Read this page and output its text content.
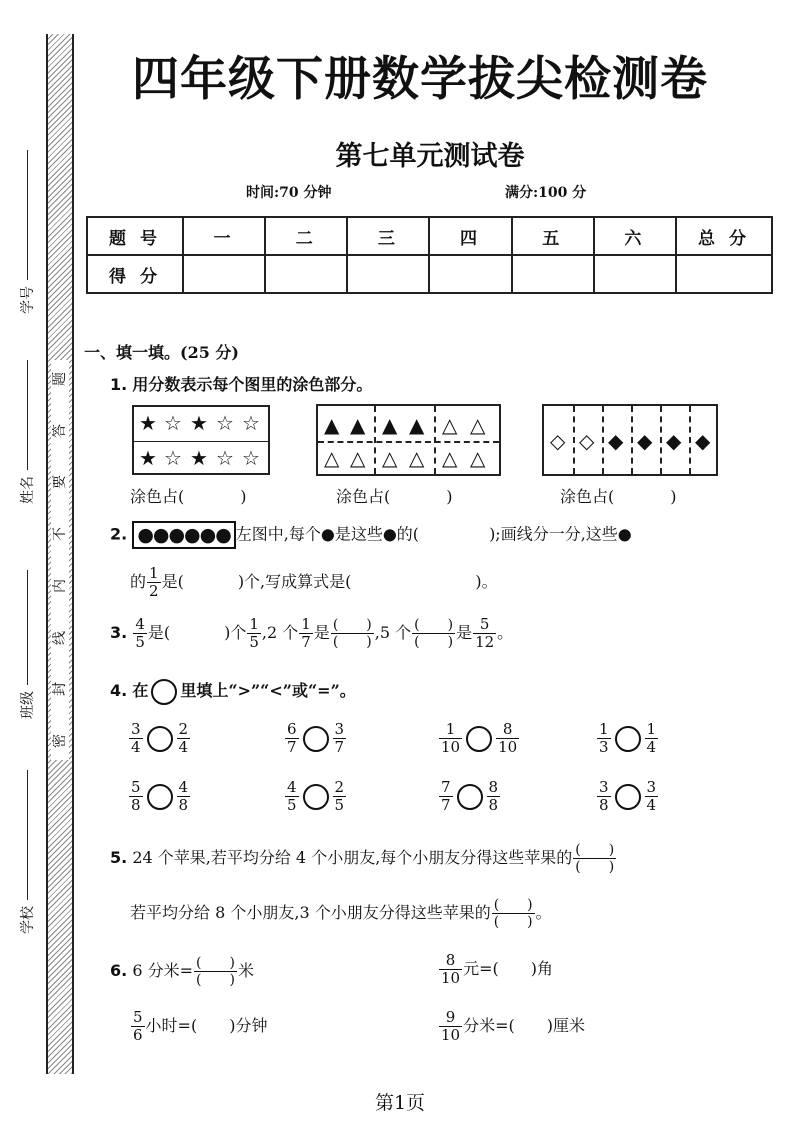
题
答
要
不
内
线
封
密
学号
姓名
班级
学校
四年级下册数学拔尖检测卷
第七单元测试卷
时间:70 分钟	满分:100 分
题 号	一	二	三	四	五	六	总 分
得 分							
一、填一填。(25 分)
1. 用分数表示每个图里的涂色部分。
★ ☆ ★ ☆ ☆
★ ☆ ★ ☆ ☆
▲ ▲ ▲ ▲ △ △
△ △ △ △ △ △
◇ ◇ ◆ ◆ ◆ ◆
涂色占(	)	涂色占(	)	涂色占(	)
2. ●●●●●● 左图中,每个●是这些●的(	);画线分一分,这些●
的 $\frac{1}{2}$ 是(	)个,写成算式是(	)。
3. $\frac{4}{5}$ 是(	)个 $\frac{1}{5} ,2$ 个 $\frac{1}{7}$ 是 $\frac{( )}{( )} ,5$ 个 $\frac{( )}{( )}$ 是 $\frac{5}{12}$ 。
4. 在 里填上“>”“<”或“=”。
$\frac{3}{4} \frac{2}{4}$	$\frac{6}{7} \frac{3}{7}$	$\frac{1}{10} \frac{8}{10}$	$\frac{1}{3} \frac{1}{4}$
$\frac{5}{8} \frac{4}{8}$	$\frac{4}{5} \frac{2}{5}$	$\frac{7}{7} \frac{8}{8}$	$\frac{3}{8} \frac{3}{4}$
5. 24 个苹果,若平均分给 4 个小朋友,每个小朋友分得这些苹果的 $\frac{( )}{( )}$
若平均分给 8 个小朋友,3 个小朋友分得这些苹果的 $\frac{( )}{( )}$ 。
6. 6 分米= $\frac{( )}{( )}$ 米	$\frac{8}{10}$ 元=(　　)角
$\frac{5}{6}$ 小时=(　　)分钟	$\frac{9}{10}$ 分米=(　　)厘米
第1页
